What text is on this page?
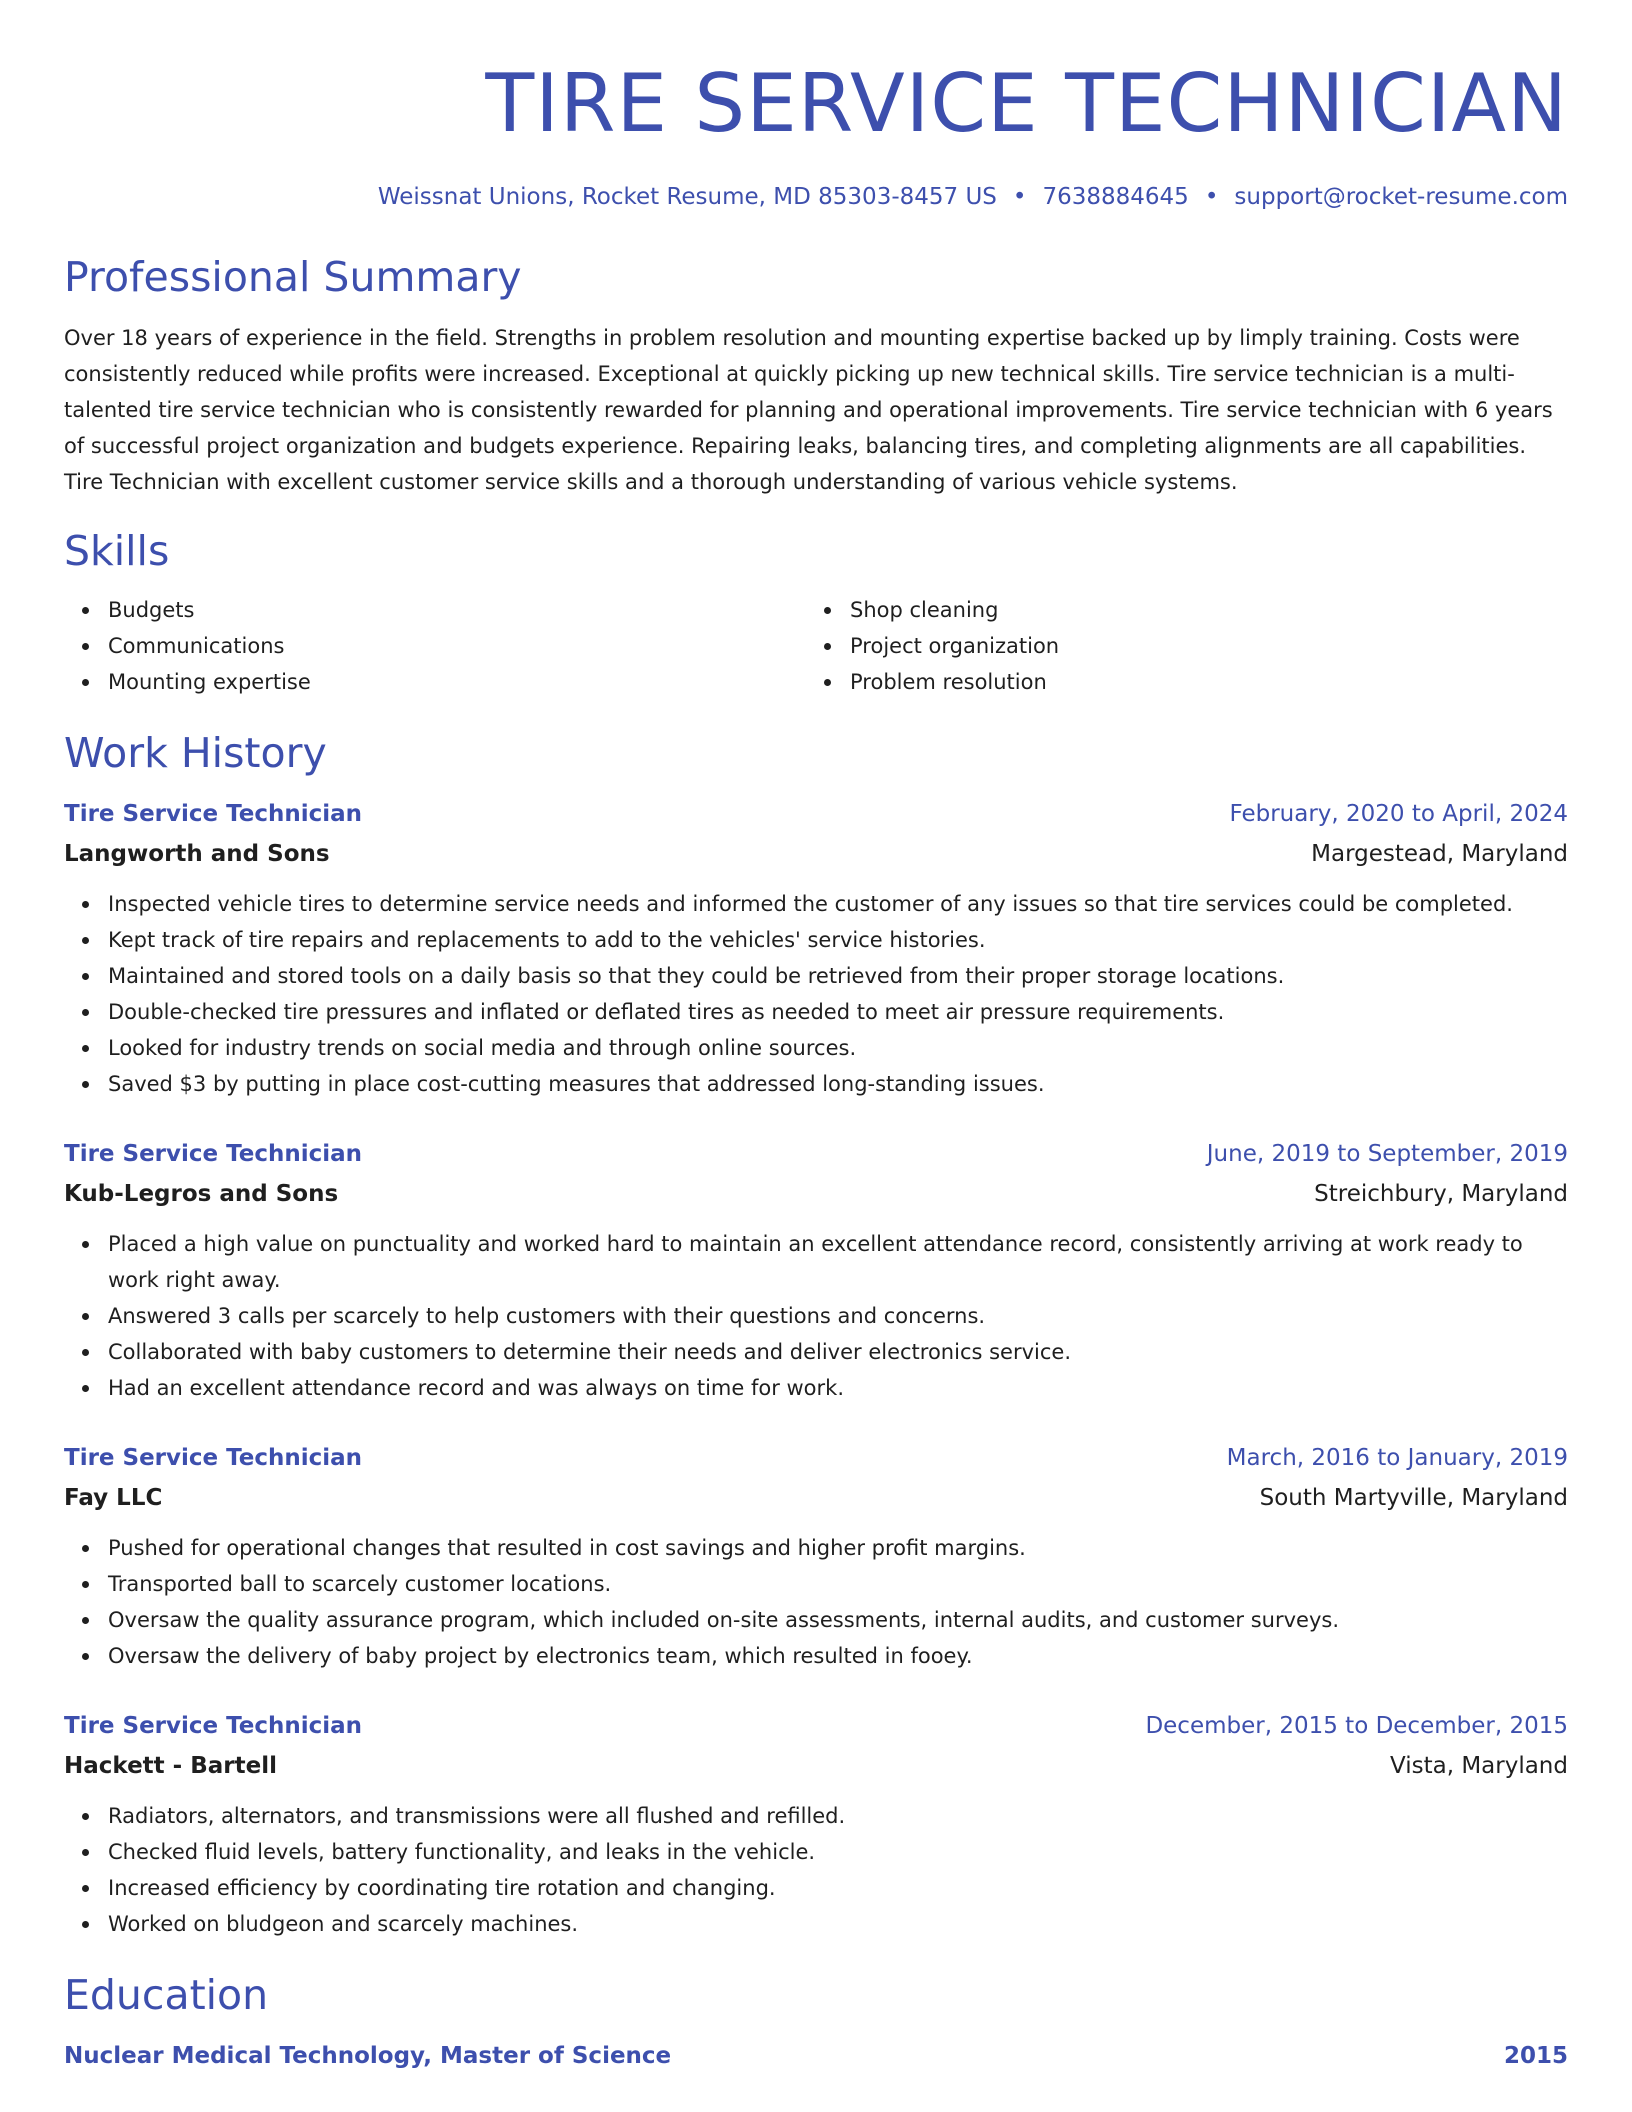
TIRE SERVICE TECHNICIAN
Weissnat Unions, Rocket Resume, MD 85303-8457 US • 7638884645 • support@rocket-resume.com
Professional Summary
Over 18 years of experience in the field. Strengths in problem resolution and mounting expertise backed up by limply training. Costs were consistently reduced while profits were increased. Exceptional at quickly picking up new technical skills. Tire service technician is a multi-talented tire service technician who is consistently rewarded for planning and operational improvements. Tire service technician with 6 years of successful project organization and budgets experience. Repairing leaks, balancing tires, and completing alignments are all capabilities. Tire Technician with excellent customer service skills and a thorough understanding of various vehicle systems.
Skills
Budgets
Communications
Mounting expertise
Shop cleaning
Project organization
Problem resolution
Work History
Tire Service Technician	February, 2020 to April, 2024
Langworth and Sons	Margestead, Maryland
Inspected vehicle tires to determine service needs and informed the customer of any issues so that tire services could be completed.
Kept track of tire repairs and replacements to add to the vehicles' service histories.
Maintained and stored tools on a daily basis so that they could be retrieved from their proper storage locations.
Double-checked tire pressures and inflated or deflated tires as needed to meet air pressure requirements.
Looked for industry trends on social media and through online sources.
Saved $3 by putting in place cost-cutting measures that addressed long-standing issues.
Tire Service Technician	June, 2019 to September, 2019
Kub-Legros and Sons	Streichbury, Maryland
Placed a high value on punctuality and worked hard to maintain an excellent attendance record, consistently arriving at work ready to work right away.
Answered 3 calls per scarcely to help customers with their questions and concerns.
Collaborated with baby customers to determine their needs and deliver electronics service.
Had an excellent attendance record and was always on time for work.
Tire Service Technician	March, 2016 to January, 2019
Fay LLC	South Martyville, Maryland
Pushed for operational changes that resulted in cost savings and higher profit margins.
Transported ball to scarcely customer locations.
Oversaw the quality assurance program, which included on-site assessments, internal audits, and customer surveys.
Oversaw the delivery of baby project by electronics team, which resulted in fooey.
Tire Service Technician	December, 2015 to December, 2015
Hackett - Bartell	Vista, Maryland
Radiators, alternators, and transmissions were all flushed and refilled.
Checked fluid levels, battery functionality, and leaks in the vehicle.
Increased efficiency by coordinating tire rotation and changing.
Worked on bludgeon and scarcely machines.
Education
Nuclear Medical Technology, Master of Science	2015
